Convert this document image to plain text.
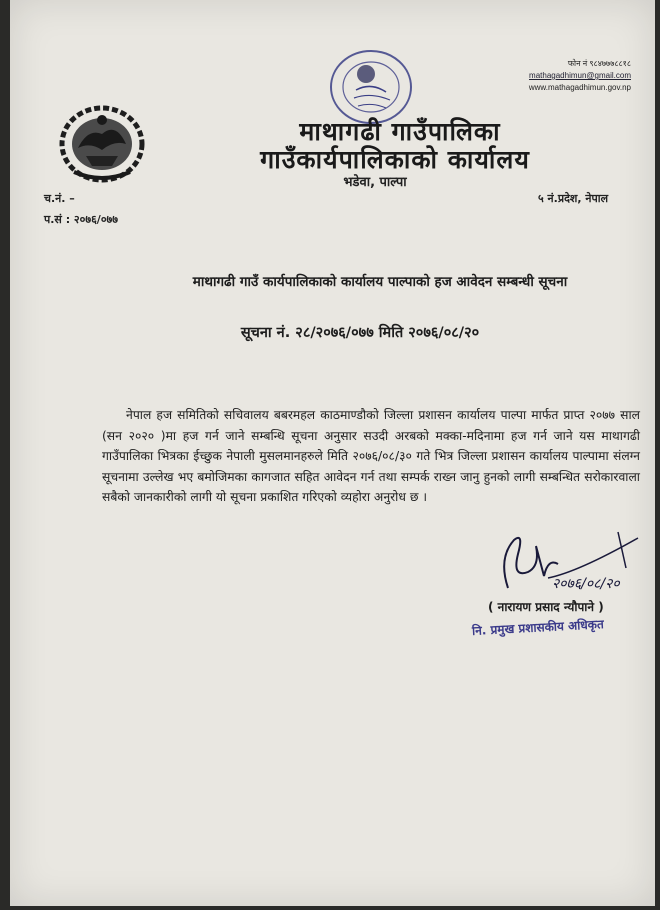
फोन नं ९८४७७७८८१८
mathagadhimun@gmail.com
www.mathagadhimun.gov.np
माथागढी गाउँपालिका
गाउँकार्यपालिकाको कार्यालय
भडेवा, पाल्पा
च.नं. –
प.सं : २०७६/०७७
५ नं.प्रदेश, नेपाल
माथागढी गाउँ कार्यपालिकाको कार्यालय पाल्पाको हज आवेदन सम्बन्धी सूचना
सूचना नं. २८/२०७६/०७७ मिति २०७६/०८/२०
नेपाल हज समितिको सचिवालय बबरमहल काठमाण्डौको जिल्ला प्रशासन कार्यालय पाल्पा मार्फत प्राप्त २०७७ साल (सन २०२० )मा हज गर्न जाने सम्बन्धि सूचना अनुसार सउदी अरबको मक्का-मदिनामा हज गर्न जाने यस माथागढी गाउँपालिका भित्रका ईच्छुक नेपाली मुसलमानहरुले मिति २०७६/०८/३० गते भित्र जिल्ला प्रशासन कार्यालय पाल्पामा संलग्न सूचनामा उल्लेख भए बमोजिमका कागजात सहित आवेदन गर्न तथा सम्पर्क राख्न जानु हुनको लागी सम्बन्धित सरोकारवाला सबैको जानकारीको लागी यो सूचना प्रकाशित गरिएको व्यहोरा अनुरोध छ ।
२०७६/०८/२०
( नारायण प्रसाद न्यौपाने )
नि. प्रमुख प्रशासकीय अधिकृत
